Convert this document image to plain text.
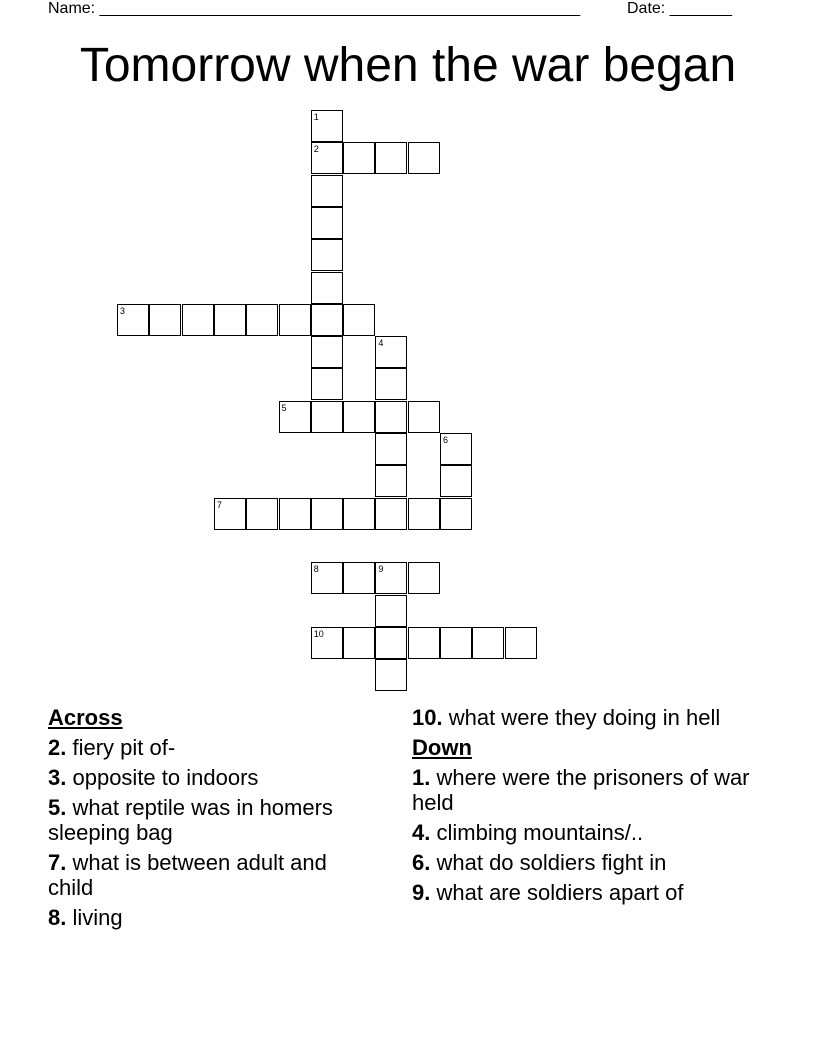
Name: ______________________________________________________	Date: _______
Tomorrow when the war began
1
2
3
4
5
6
7
8	9
10
Across
2. fiery pit of-
3. opposite to indoors
5. what reptile was in homers sleeping bag
7. what is between adult and child
8. living
10. what were they doing in hell
Down
1. where were the prisoners of war held
4. climbing mountains/..
6. what do soldiers fight in
9. what are soldiers apart of
